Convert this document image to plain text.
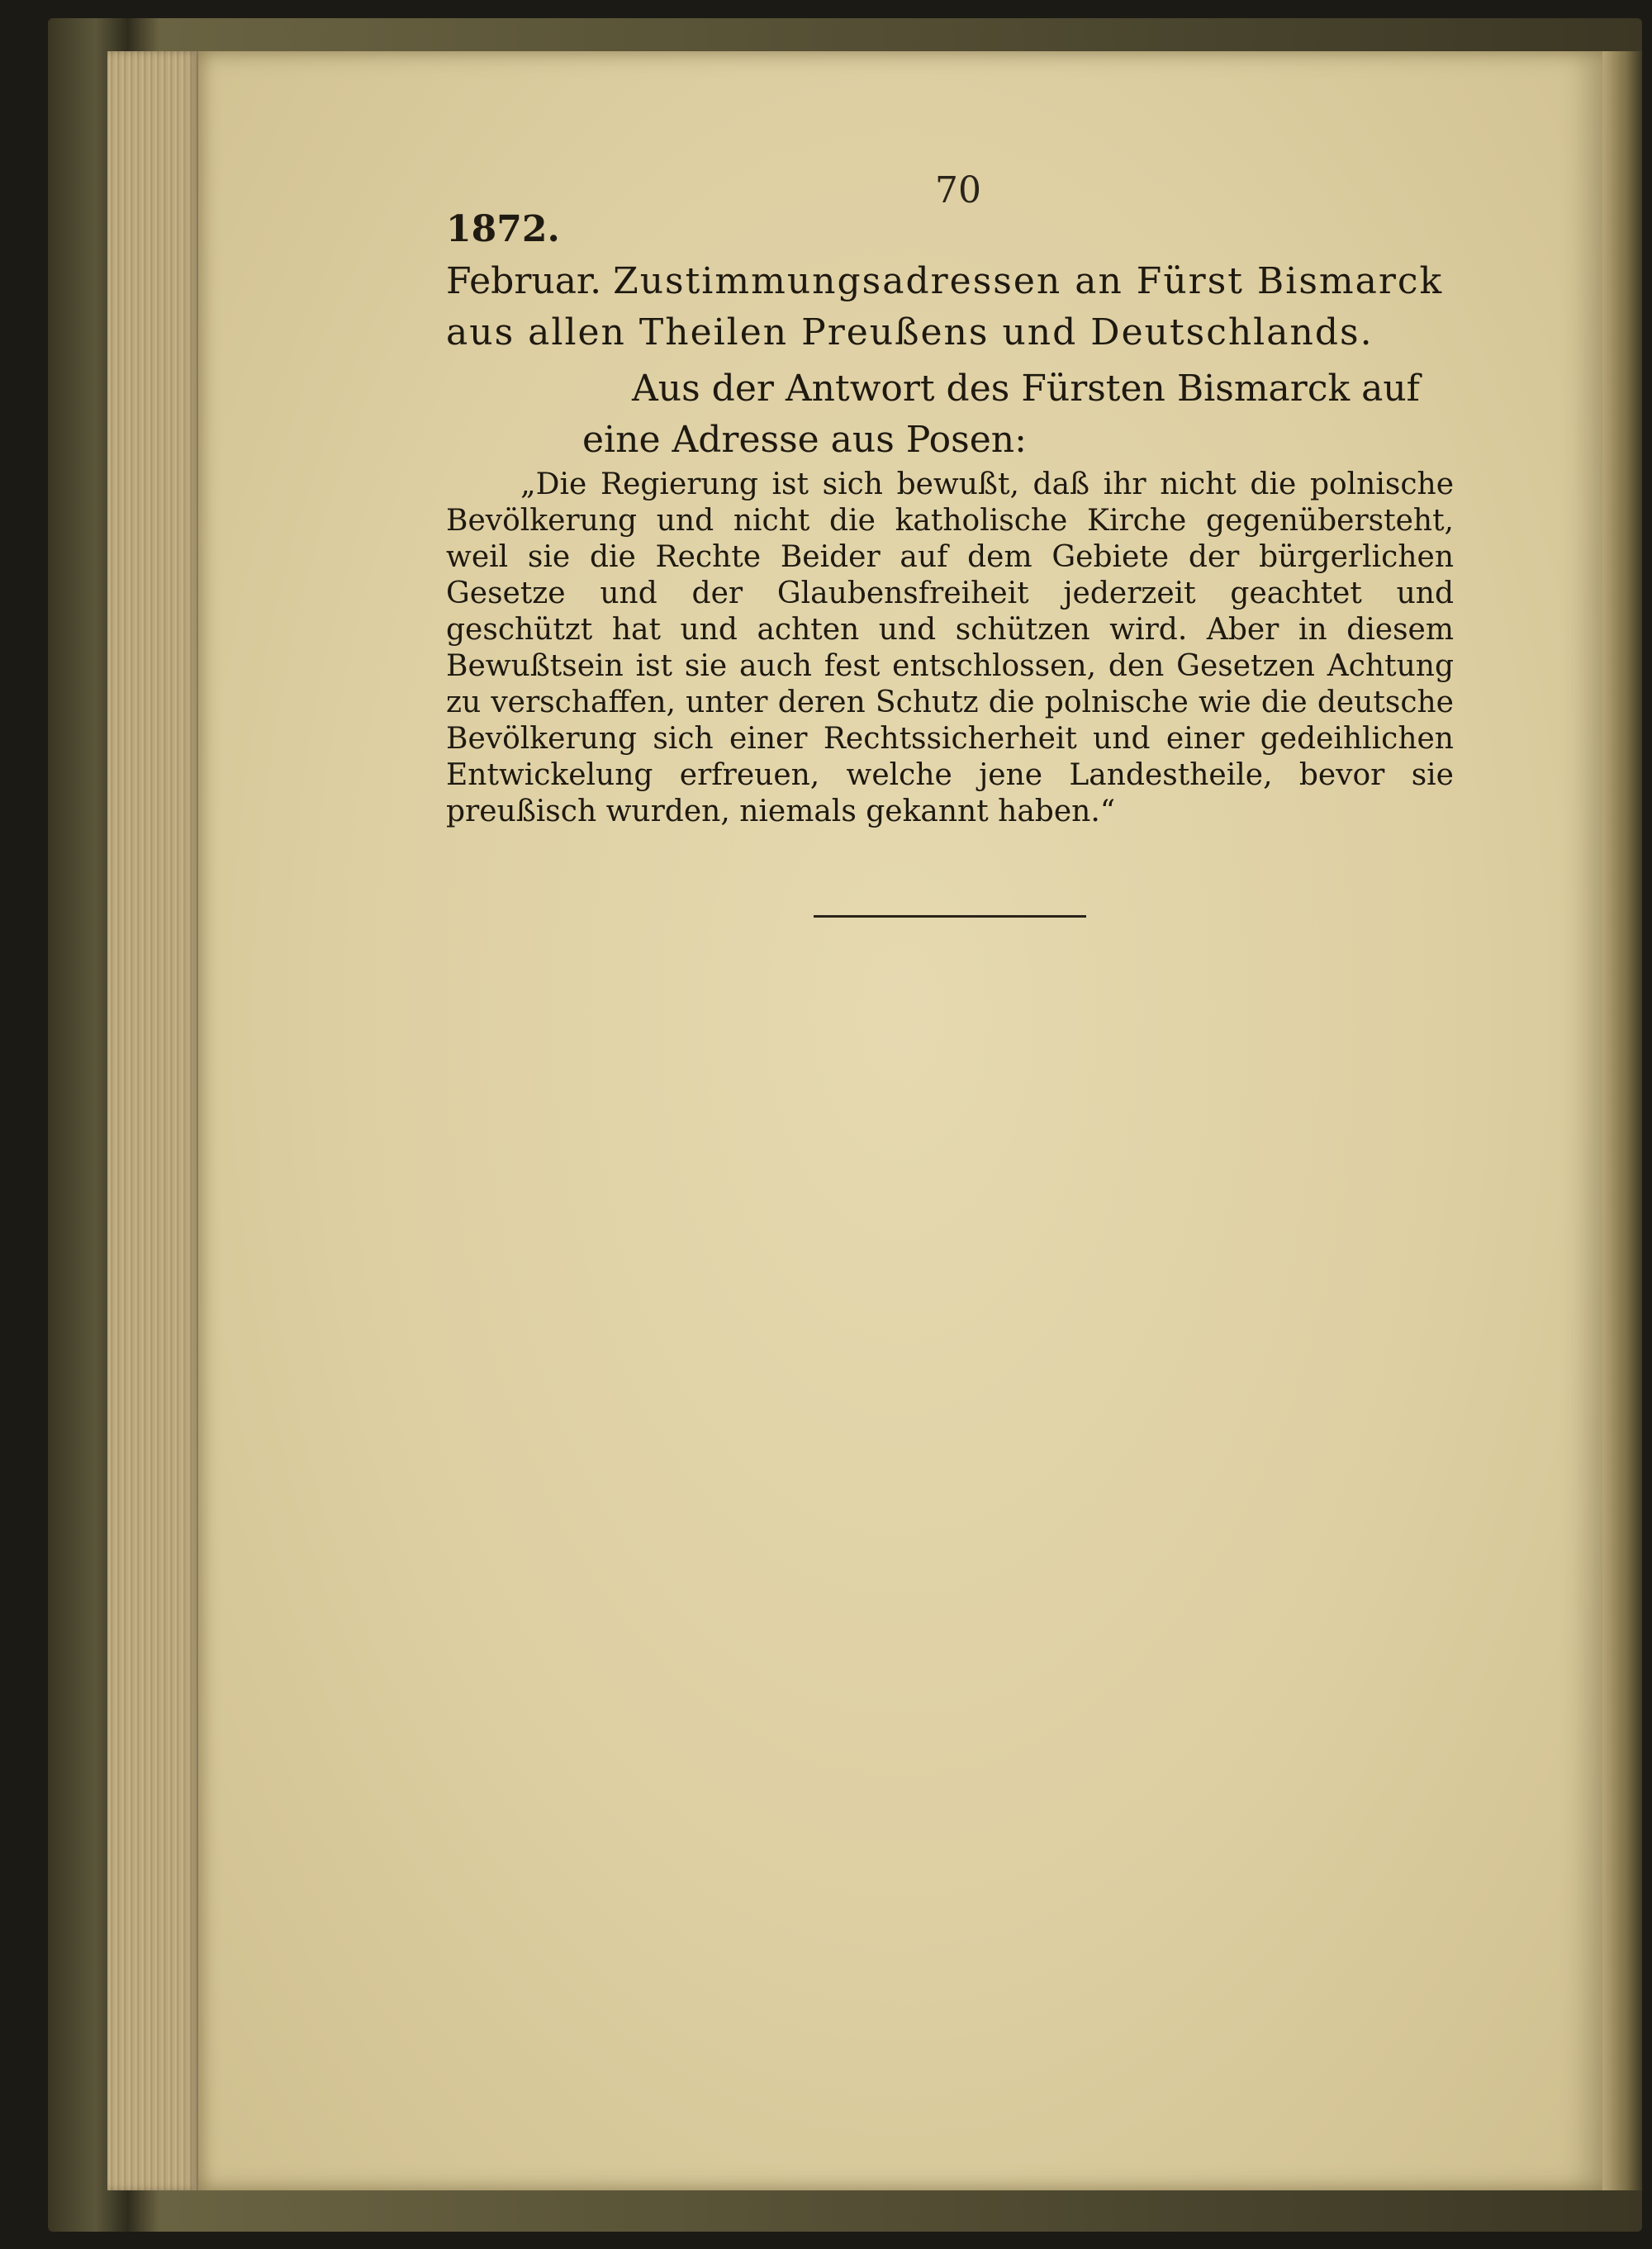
70
1872.
Februar. Zustimmungsadressen an Fürst Bismarck aus allen Theilen Preußens und Deutschlands.
Aus der Antwort des Fürsten Bismarck auf eine Adresse aus Posen:
„Die Regierung ist sich bewußt, daß ihr nicht die polnische Bevölkerung und nicht die katholische Kirche gegenübersteht, weil sie die Rechte Beider auf dem Gebiete der bürgerlichen Gesetze und der Glaubensfreiheit jederzeit geachtet und geschützt hat und achten und schützen wird. Aber in diesem Bewußtsein ist sie auch fest entschlossen, den Gesetzen Achtung zu verschaffen, unter deren Schutz die polnische wie die deutsche Bevölkerung sich einer Rechtssicherheit und einer gedeihlichen Entwickelung erfreuen, welche jene Landestheile, bevor sie preußisch wurden, niemals gekannt haben.“
